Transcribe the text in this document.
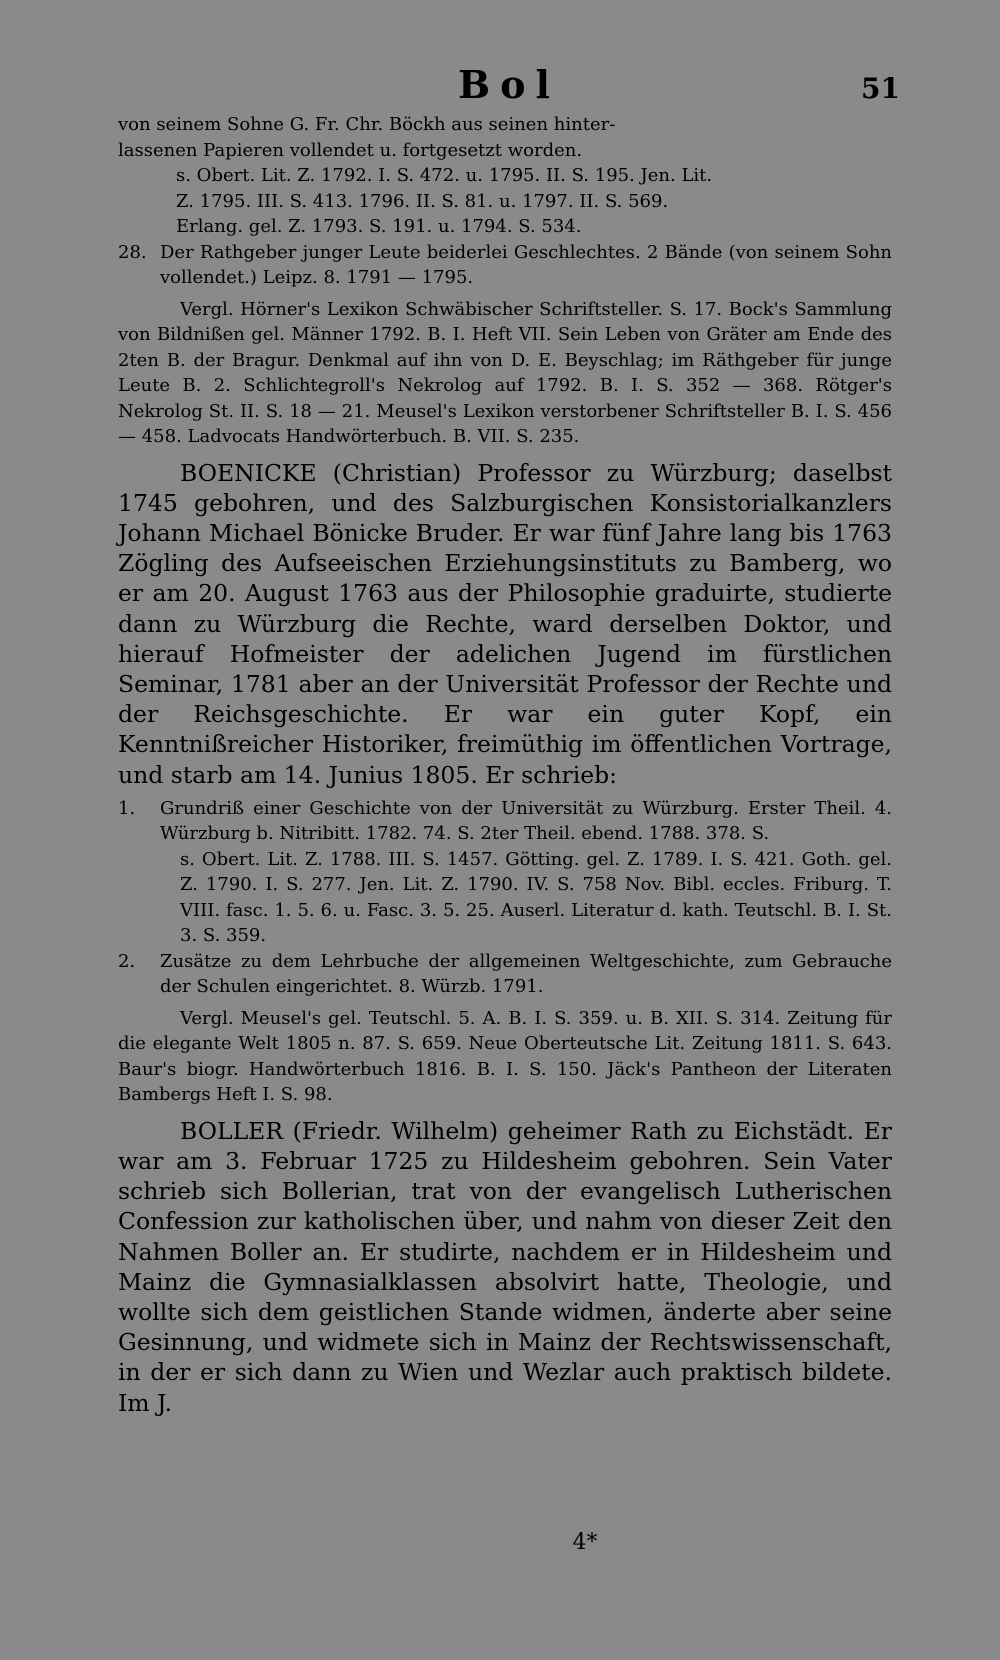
Bol	51

von seinem Sohne G. Fr. Chr. Böckh aus seinen hinter-

lassenen Papieren vollendet u. fortgesetzt worden.

s. Obert. Lit. Z. 1792. I. S. 472. u. 1795. II. S. 195. Jen. Lit.

Z. 1795. III. S. 413. 1796. II. S. 81. u. 1797. II. S. 569.

Erlang. gel. Z. 1793. S. 191. u. 1794. S. 534.

28. Der Rathgeber junger Leute beiderlei Geschlechtes. 2 Bände (von seinem Sohn vollendet.) Leipz. 8. 1791 — 1795.

Vergl. Hörner's Lexikon Schwäbischer Schriftsteller. S. 17. Bock's Sammlung von Bildnißen gel. Männer 1792. B. I. Heft VII. Sein Leben von Gräter am Ende des 2ten B. der Bragur. Denkmal auf ihn von D. E. Beyschlag; im Räthgeber für junge Leute B. 2. Schlichtegroll's Nekrolog auf 1792. B. I. S. 352 — 368. Rötger's Nekrolog St. II. S. 18 — 21. Meusel's Lexikon verstorbener Schriftsteller B. I. S. 456 — 458. Ladvocats Handwörterbuch. B. VII. S. 235.

BOENICKE (Christian) Professor zu Würzburg; daselbst 1745 gebohren, und des Salzburgischen Konsistorialkanzlers Johann Michael Bönicke Bruder. Er war fünf Jahre lang bis 1763 Zögling des Aufseeischen Erziehungsinstituts zu Bamberg, wo er am 20. August 1763 aus der Philosophie graduirte, studierte dann zu Würzburg die Rechte, ward derselben Doktor, und hierauf Hofmeister der adelichen Jugend im fürstlichen Seminar, 1781 aber an der Universität Professor der Rechte und der Reichsgeschichte. Er war ein guter Kopf, ein Kenntnißreicher Historiker, freimüthig im öffentlichen Vortrage, und starb am 14. Junius 1805. Er schrieb:

1.	Grundriß einer Geschichte von der Universität zu Würzburg. Erster Theil. 4. Würzburg b. Nitribitt. 1782. 74. S. 2ter Theil. ebend. 1788. 378. S.

s. Obert. Lit. Z. 1788. III. S. 1457. Götting. gel. Z. 1789. I. S. 421. Goth. gel. Z. 1790. I. S. 277. Jen. Lit. Z. 1790. IV. S. 758 Nov. Bibl. eccles. Friburg. T. VIII. fasc. 1. 5. 6. u. Fasc. 3. 5. 25. Auserl. Literatur d. kath. Teutschl. B. I. St. 3. S. 359.

2.	Zusätze zu dem Lehrbuche der allgemeinen Weltgeschichte, zum Gebrauche der Schulen eingerichtet. 8. Würzb. 1791.

Vergl. Meusel's gel. Teutschl. 5. A. B. I. S. 359. u. B. XII. S. 314. Zeitung für die elegante Welt 1805 n. 87. S. 659. Neue Oberteutsche Lit. Zeitung 1811. S. 643. Baur's biogr. Handwörterbuch 1816. B. I. S. 150. Jäck's Pantheon der Literaten Bambergs Heft I. S. 98.

BOLLER (Friedr. Wilhelm) geheimer Rath zu Eichstädt. Er war am 3. Februar 1725 zu Hildesheim gebohren. Sein Vater schrieb sich Bollerian, trat von der evangelisch Lutherischen Confession zur katholischen über, und nahm von dieser Zeit den Nahmen Boller an. Er studirte, nachdem er in Hildesheim und Mainz die Gymnasialklassen absolvirt hatte, Theologie, und wollte sich dem geistlichen Stande widmen, änderte aber seine Gesinnung, und widmete sich in Mainz der Rechtswissenschaft, in der er sich dann zu Wien und Wezlar auch praktisch bildete. Im J.

4*
